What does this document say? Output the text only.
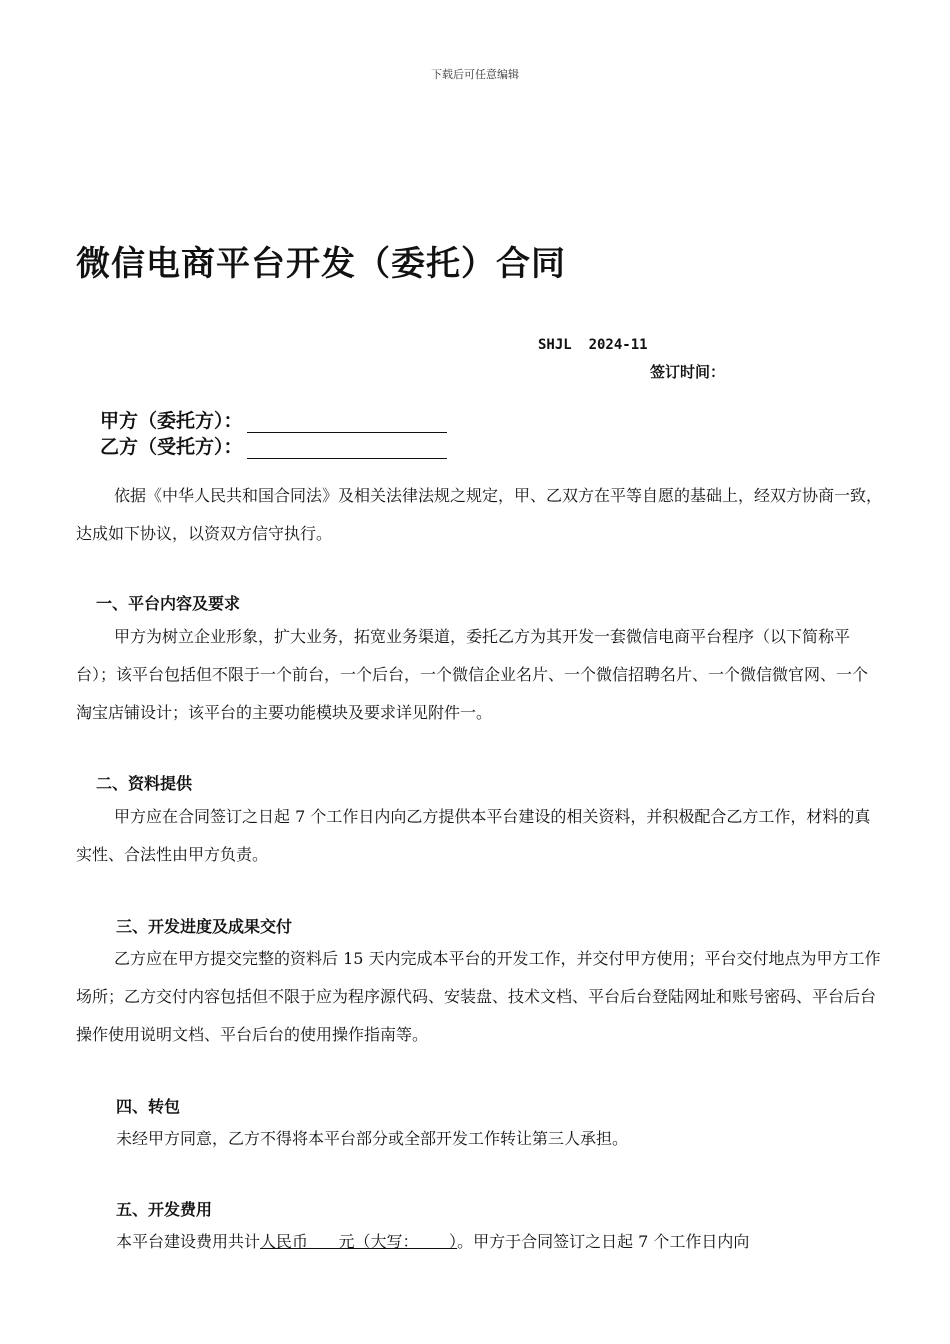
下载后可任意编辑
微信电商平台开发（委托）合同
SHJL  2024-11
签订时间：
甲方（委托方）：
乙方（受托方）：

依据《中华人民共和国合同法》及相关法律法规之规定，甲、乙双方在平等自愿的基础上，经双方协商一致，达成如下协议，以资双方信守执行。

一、平台内容及要求

甲方为树立企业形象，扩大业务，拓宽业务渠道，委托乙方为其开发一套微信电商平台程序（以下简称平台）；该平台包括但不限于一个前台，一个后台，一个微信企业名片、一个微信招聘名片、一个微信微官网、一个淘宝店铺设计；该平台的主要功能模块及要求详见附件一。

二、资料提供

甲方应在合同签订之日起 7 个工作日内向乙方提供本平台建设的相关资料，并积极配合乙方工作，材料的真实性、合法性由甲方负责。

三、开发进度及成果交付

乙方应在甲方提交完整的资料后 15 天内完成本平台的开发工作，并交付甲方使用；平台交付地点为甲方工作场所；乙方交付内容包括但不限于应为程序源代码、安装盘、技术文档、平台后台登陆网址和账号密码、平台后台操作使用说明文档、平台后台的使用操作指南等。

四、转包

未经甲方同意，乙方不得将本平台部分或全部开发工作转让第三人承担。

五、开发费用

本平台建设费用共计人民币      元（大写：      ）。甲方于合同签订之日起 7 个工作日内向
